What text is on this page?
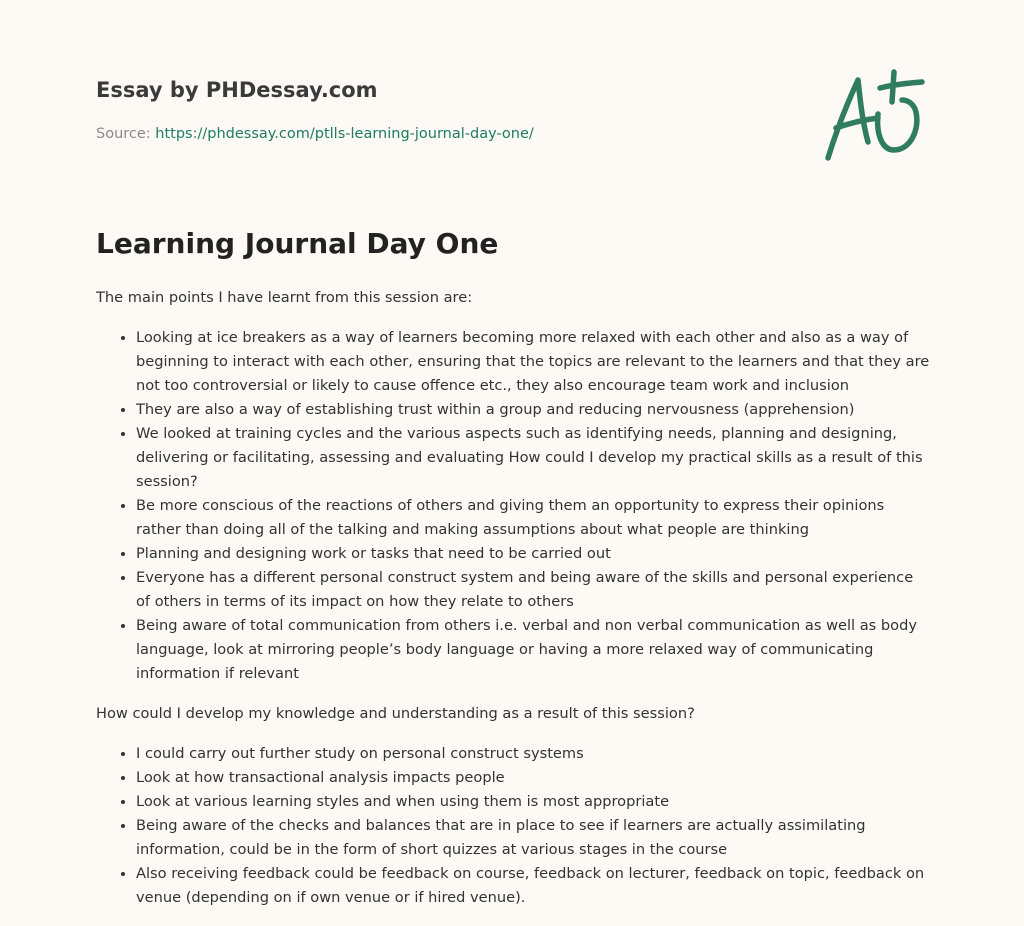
Essay by PHDessay.com
Source: https://phdessay.com/ptlls-learning-journal-day-one/
Learning Journal Day One

The main points I have learnt from this session are:

• Looking at ice breakers as a way of learners becoming more relaxed with each other and also as a way of beginning to interact with each other, ensuring that the topics are relevant to the learners and that they are not too controversial or likely to cause offence etc., they also encourage team work and inclusion
• They are also a way of establishing trust within a group and reducing nervousness (apprehension)
• We looked at training cycles and the various aspects such as identifying needs, planning and designing, delivering or facilitating, assessing and evaluating How could I develop my practical skills as a result of this session?
• Be more conscious of the reactions of others and giving them an opportunity to express their opinions rather than doing all of the talking and making assumptions about what people are thinking
• Planning and designing work or tasks that need to be carried out
• Everyone has a different personal construct system and being aware of the skills and personal experience of others in terms of its impact on how they relate to others
• Being aware of total communication from others i.e. verbal and non verbal communication as well as body language, look at mirroring people’s body language or having a more relaxed way of communicating information if relevant

How could I develop my knowledge and understanding as a result of this session?

• I could carry out further study on personal construct systems
• Look at how transactional analysis impacts people
• Look at various learning styles and when using them is most appropriate
• Being aware of the checks and balances that are in place to see if learners are actually assimilating information, could be in the form of short quizzes at various stages in the course
• Also receiving feedback could be feedback on course, feedback on lecturer, feedback on topic, feedback on venue (depending on if own venue or if hired venue).
